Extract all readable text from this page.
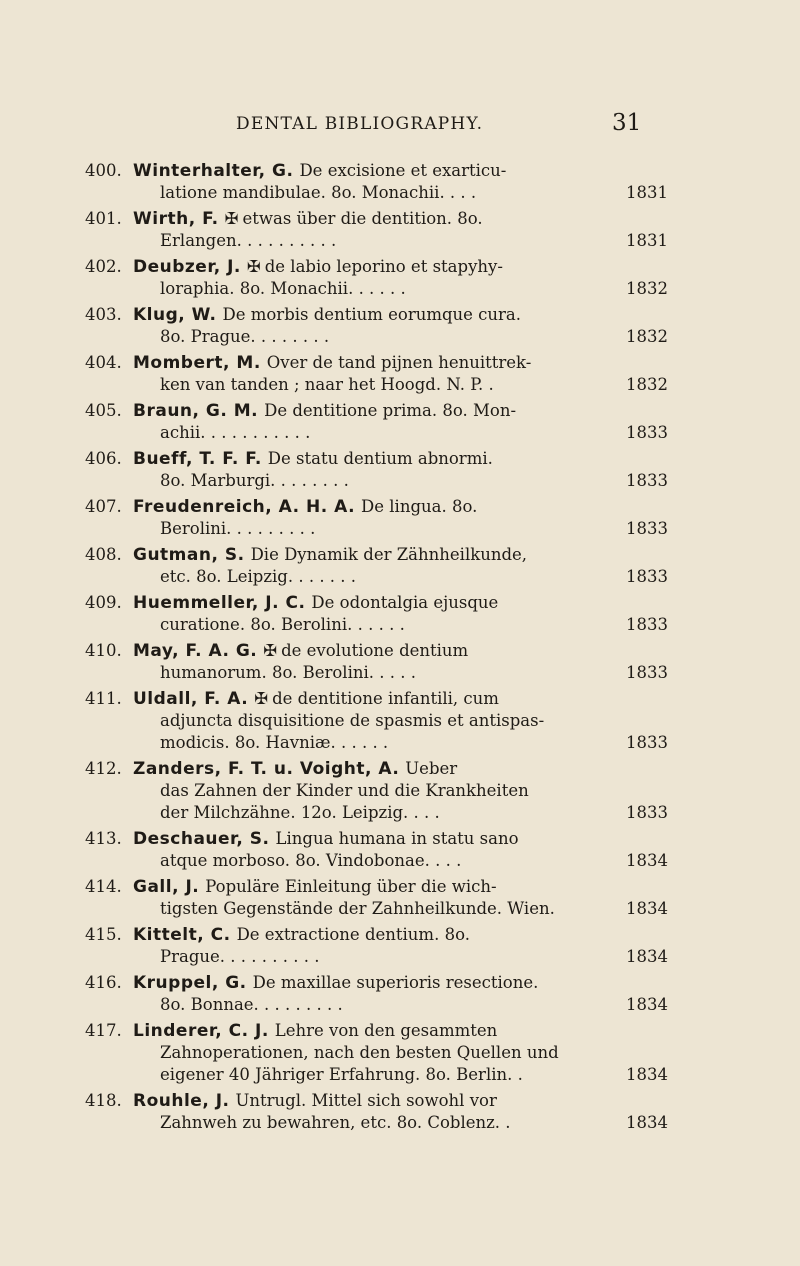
DENTAL BIBLIOGRAPHY.	31
400. Winterhalter, G. De excisione et exarticu-
latione mandibulae. 8o. Monachii. . . .	1831
401. Wirth, F. ✠ etwas über die dentition. 8o.
Erlangen. . . . . . . . . .	1831
402. Deubzer, J. ✠ de labio leporino et stapyhy-
loraphia. 8o. Monachii. . . . . .	1832
403. Klug, W. De morbis dentium eorumque cura.
8o. Prague. . . . . . . .	1832
404. Mombert, M. Over de tand pijnen henuittrek-
ken van tanden ; naar het Hoogd. N. P. .	1832
405. Braun, G. M. De dentitione prima. 8o. Mon-
achii. . . . . . . . . . .	1833
406. Bueff, T. F. F. De statu dentium abnormi.
8o. Marburgi. . . . . . . .	1833
407. Freudenreich, A. H. A. De lingua. 8o.
Berolini. . . . . . . . .	1833
408. Gutman, S. Die Dynamik der Zähnheilkunde,
etc. 8o. Leipzig. . . . . . .	1833
409. Huemmeller, J. C. De odontalgia ejusque
curatione. 8o. Berolini. . . . . .	1833
410. May, F. A. G. ✠ de evolutione dentium
humanorum. 8o. Berolini. . . . .	1833
411. Uldall, F. A. ✠ de dentitione infantili, cum
adjuncta disquisitione de spasmis et antispas-
modicis. 8o. Havniæ. . . . . .	1833
412. Zanders, F. T. u. Voight, A. Ueber
das Zahnen der Kinder und die Krankheiten
der Milchzähne. 12o. Leipzig. . . .	1833
413. Deschauer, S. Lingua humana in statu sano
atque morboso. 8o. Vindobonae. . . .	1834
414. Gall, J. Populäre Einleitung über die wich-
tigsten Gegenstände der Zahnheilkunde. Wien.	1834
415. Kittelt, C. De extractione dentium. 8o.
Prague. . . . . . . . . .	1834
416. Kruppel, G. De maxillae superioris resectione.
8o. Bonnae. . . . . . . . .	1834
417. Linderer, C. J. Lehre von den gesammten
Zahnoperationen, nach den besten Quellen und
eigener 40 Jähriger Erfahrung. 8o. Berlin. .	1834
418. Rouhle, J. Untrugl. Mittel sich sowohl vor
Zahnweh zu bewahren, etc. 8o. Coblenz. .	1834
